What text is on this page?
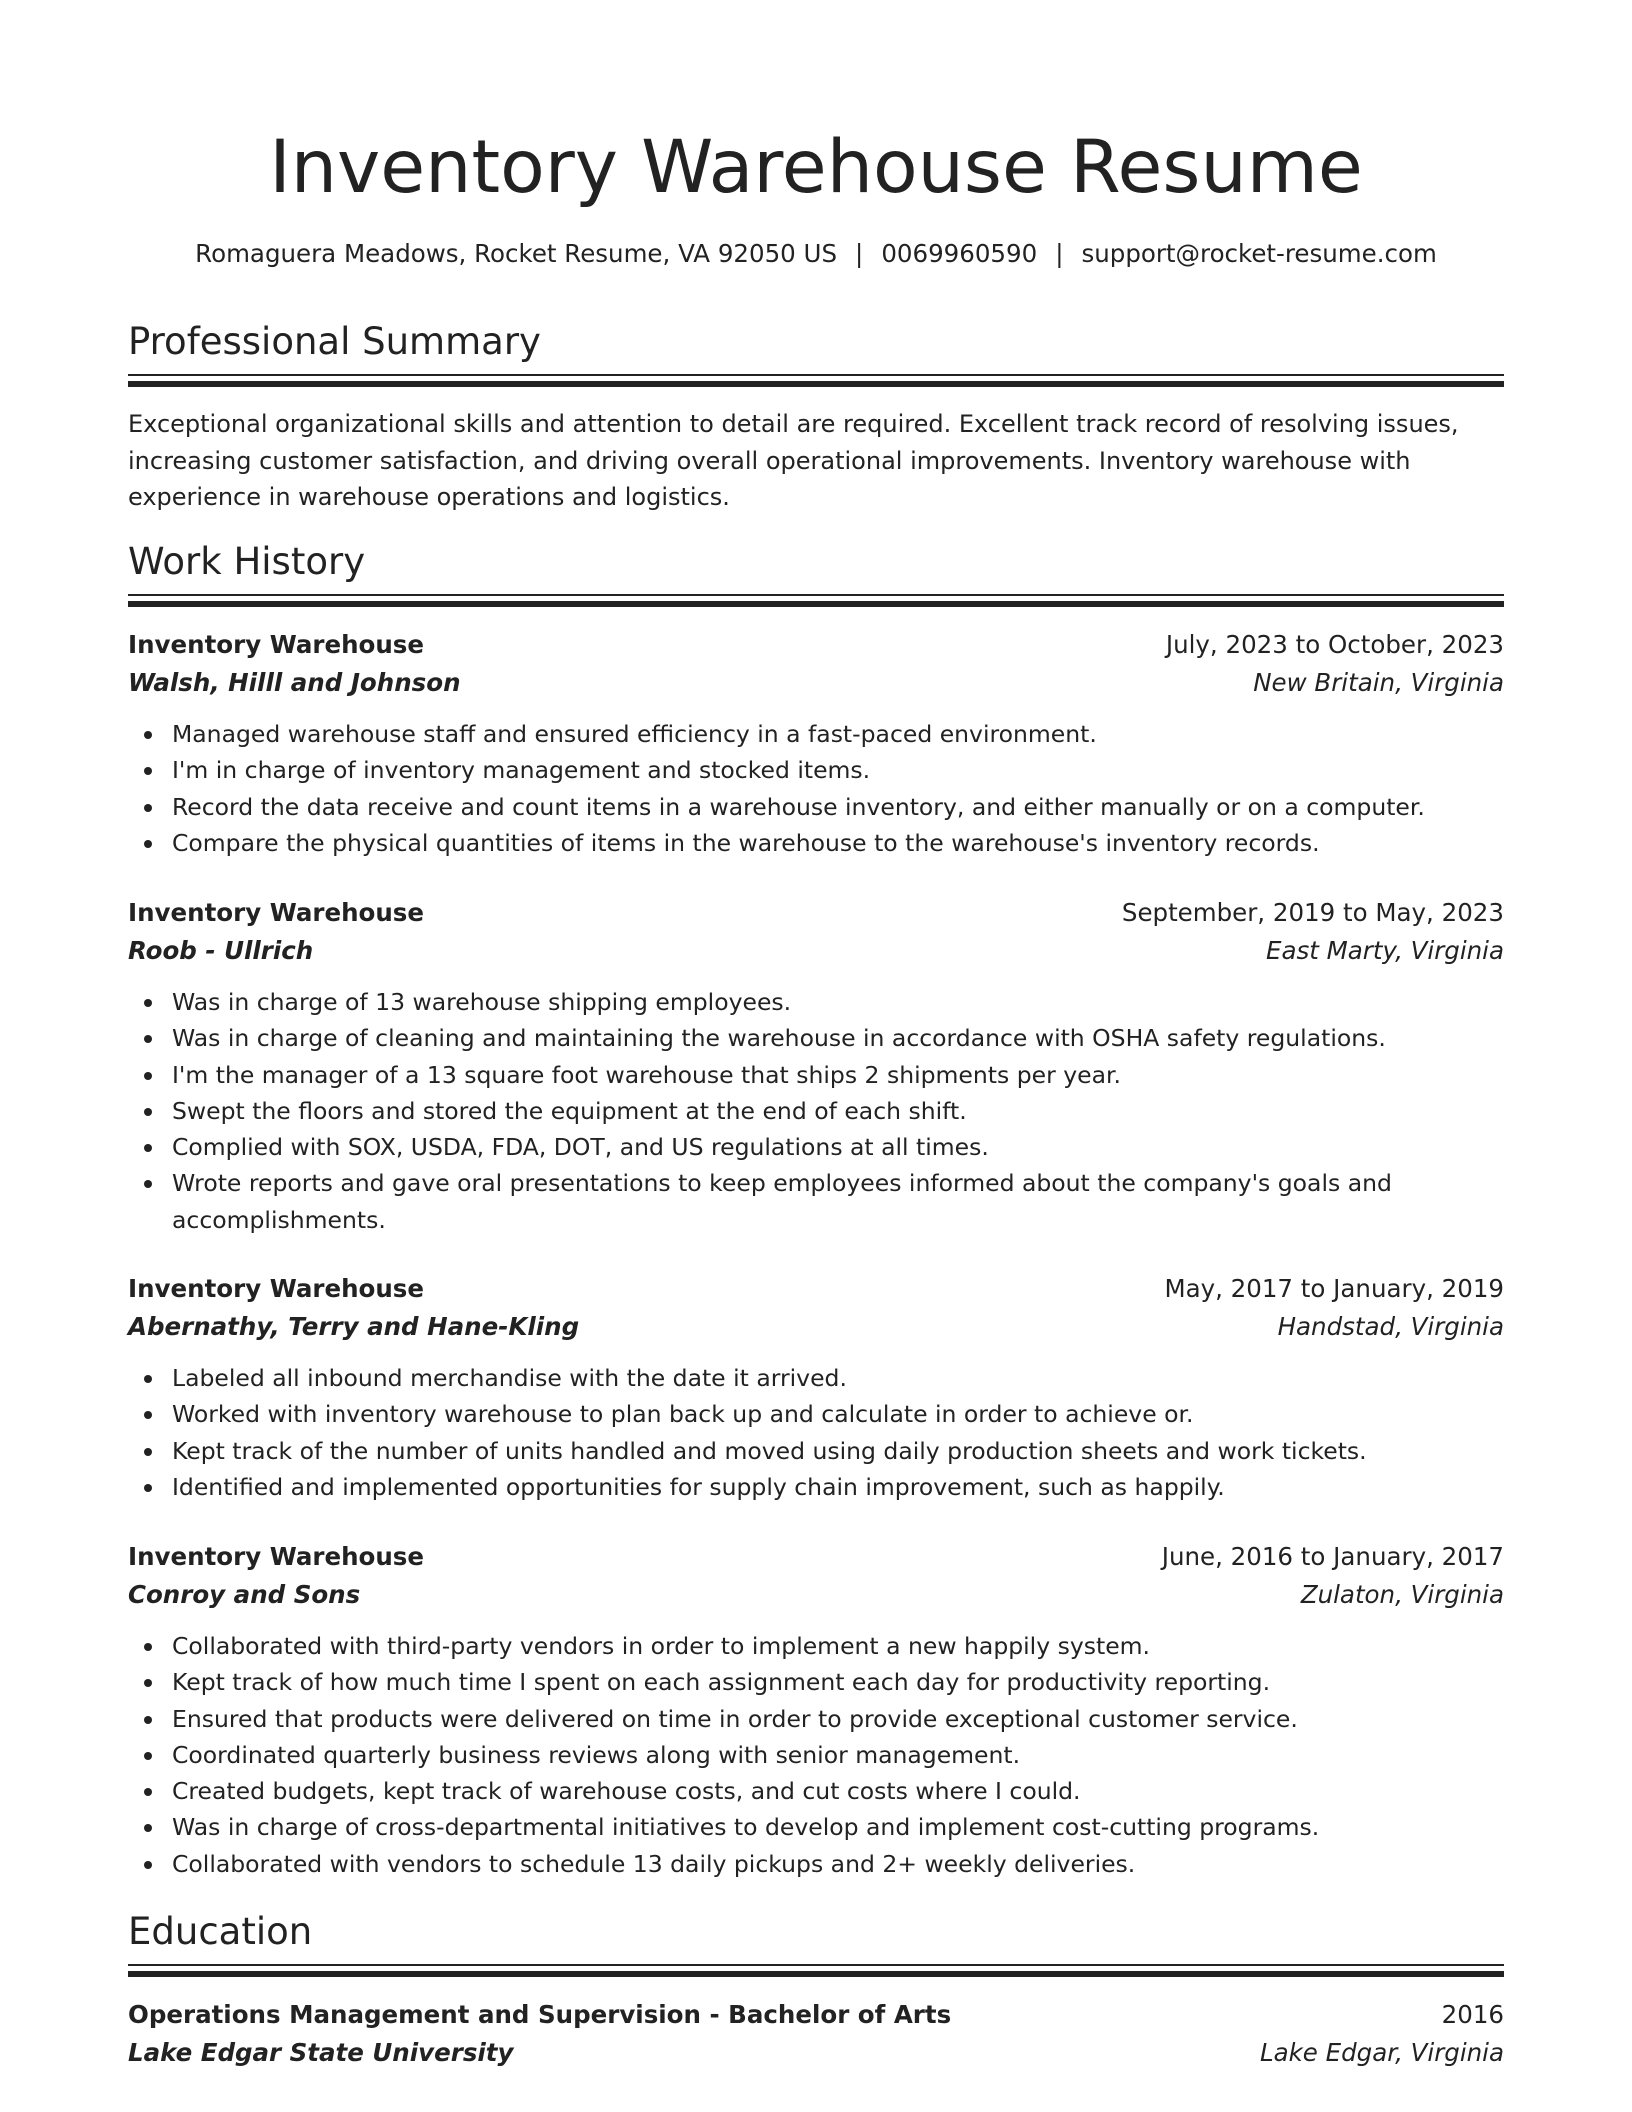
Inventory Warehouse Resume
Romaguera Meadows, Rocket Resume, VA 92050 US | 0069960590 | support@rocket-resume.com
Professional Summary

Exceptional organizational skills and attention to detail are required. Excellent track record of resolving issues, increasing customer satisfaction, and driving overall operational improvements. Inventory warehouse with experience in warehouse operations and logistics.

Work History
Inventory Warehouse	July, 2023 to October, 2023
Walsh, Hilll and Johnson	New Britain, Virginia
Managed warehouse staff and ensured efficiency in a fast-paced environment.
I'm in charge of inventory management and stocked items.
Record the data receive and count items in a warehouse inventory, and either manually or on a computer.
Compare the physical quantities of items in the warehouse to the warehouse's inventory records.
Inventory Warehouse	September, 2019 to May, 2023
Roob - Ullrich	East Marty, Virginia
Was in charge of 13 warehouse shipping employees.
Was in charge of cleaning and maintaining the warehouse in accordance with OSHA safety regulations.
I'm the manager of a 13 square foot warehouse that ships 2 shipments per year.
Swept the floors and stored the equipment at the end of each shift.
Complied with SOX, USDA, FDA, DOT, and US regulations at all times.
Wrote reports and gave oral presentations to keep employees informed about the company's goals and accomplishments.
Inventory Warehouse	May, 2017 to January, 2019
Abernathy, Terry and Hane-Kling	Handstad, Virginia
Labeled all inbound merchandise with the date it arrived.
Worked with inventory warehouse to plan back up and calculate in order to achieve or.
Kept track of the number of units handled and moved using daily production sheets and work tickets.
Identified and implemented opportunities for supply chain improvement, such as happily.
Inventory Warehouse	June, 2016 to January, 2017
Conroy and Sons	Zulaton, Virginia
Collaborated with third-party vendors in order to implement a new happily system.
Kept track of how much time I spent on each assignment each day for productivity reporting.
Ensured that products were delivered on time in order to provide exceptional customer service.
Coordinated quarterly business reviews along with senior management.
Created budgets, kept track of warehouse costs, and cut costs where I could.
Was in charge of cross-departmental initiatives to develop and implement cost-cutting programs.
Collaborated with vendors to schedule 13 daily pickups and 2+ weekly deliveries.
Education
Operations Management and Supervision - Bachelor of Arts	2016
Lake Edgar State University	Lake Edgar, Virginia
